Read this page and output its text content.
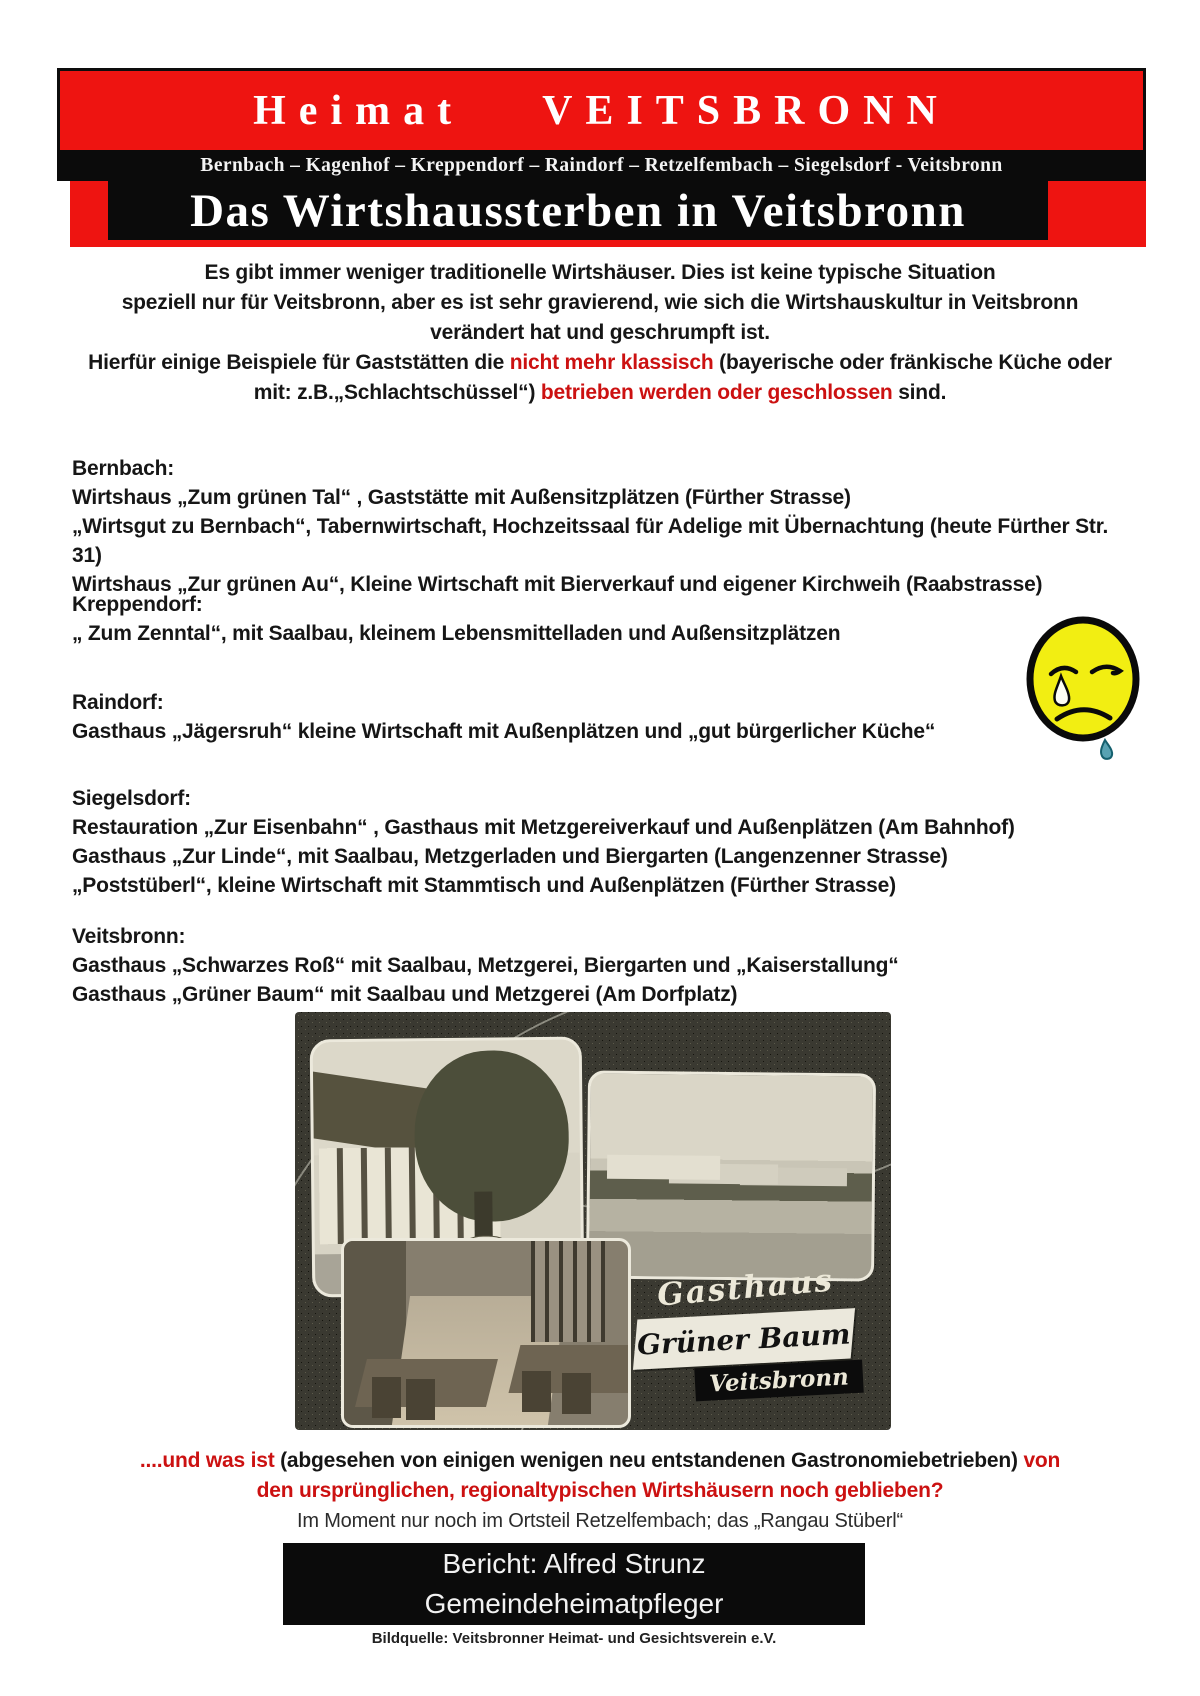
Heimat VEITSBRONN
Bernbach – Kagenhof – Kreppendorf – Raindorf – Retzelfembach – Siegelsdorf - Veitsbronn
Das Wirtshaussterben in Veitsbronn
Es gibt immer weniger traditionelle Wirtshäuser. Dies ist keine typische Situation
speziell nur für Veitsbronn, aber es ist sehr gravierend, wie sich die Wirtshauskultur in Veitsbronn
verändert hat und geschrumpft ist.
Hierfür einige Beispiele für Gaststätten die nicht mehr klassisch (bayerische oder fränkische Küche oder
mit: z.B.„Schlachtschüssel“) betrieben werden oder geschlossen sind.
Bernbach:
Wirtshaus „Zum grünen Tal“ , Gaststätte mit Außensitzplätzen (Fürther Strasse)
„Wirtsgut zu Bernbach“, Tabernwirtschaft, Hochzeitssaal für Adelige mit Übernachtung (heute Fürther Str. 31)
Wirtshaus „Zur grünen Au“, Kleine Wirtschaft mit Bierverkauf und eigener Kirchweih (Raabstrasse)
Kreppendorf:
„ Zum Zenntal“, mit Saalbau, kleinem Lebensmittelladen und Außensitzplätzen
Raindorf:
Gasthaus „Jägersruh“ kleine Wirtschaft mit Außenplätzen und „gut bürgerlicher Küche“
Siegelsdorf:
Restauration „Zur Eisenbahn“ , Gasthaus mit Metzgereiverkauf und Außenplätzen (Am Bahnhof)
Gasthaus „Zur Linde“, mit Saalbau, Metzgerladen und Biergarten (Langenzenner Strasse)
„Poststüberl“, kleine Wirtschaft mit Stammtisch und Außenplätzen (Fürther Strasse)
Veitsbronn:
Gasthaus „Schwarzes Roß“ mit Saalbau, Metzgerei, Biergarten und „Kaiserstallung“
Gasthaus „Grüner Baum“ mit Saalbau und Metzgerei (Am Dorfplatz)
Gasthaus
Grüner Baum
Veitsbronn
....und was ist (abgesehen von einigen wenigen neu entstandenen Gastronomiebetrieben) von
den ursprünglichen, regionaltypischen Wirtshäusern noch geblieben?
Im Moment nur noch im Ortsteil Retzelfembach; das „Rangau Stüberl“
Bericht: Alfred Strunz
Gemeindeheimatpfleger
Bildquelle: Veitsbronner Heimat- und Gesichtsverein e.V.
